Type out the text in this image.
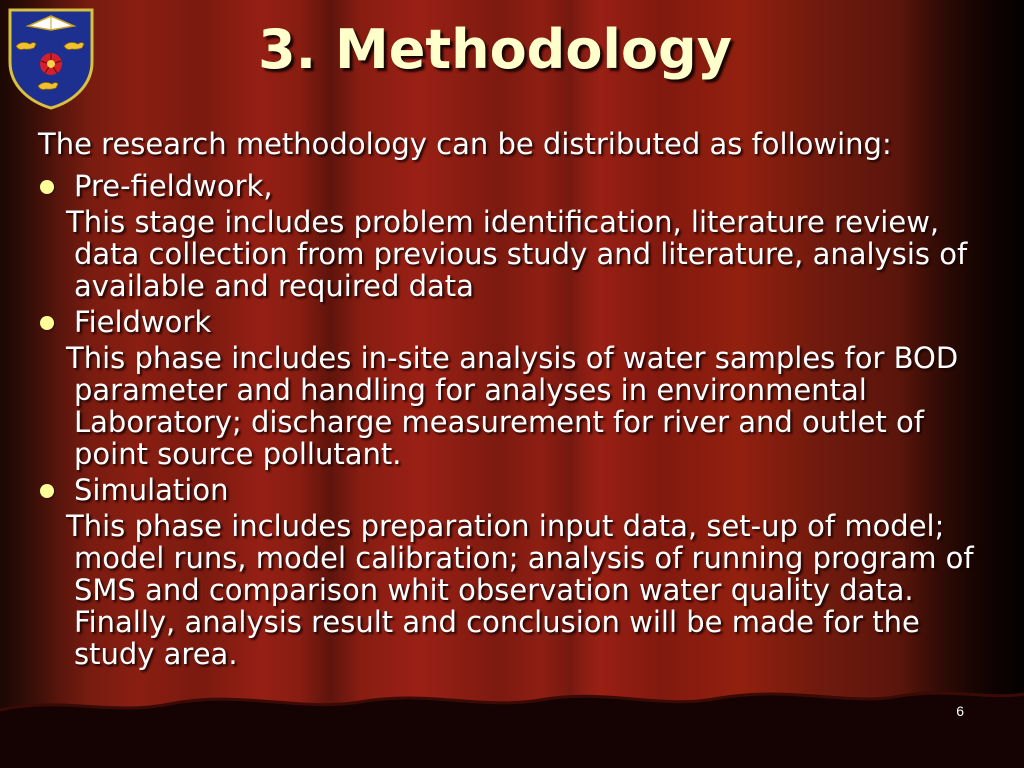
3. Methodology

The research methodology can be distributed as following:

Pre-fieldwork,

This stage includes problem identification, literature review, data collection from previous study and literature, analysis of available and required data

Fieldwork

This phase includes in-site analysis of water samples for BOD parameter and handling for analyses in environmental Laboratory; discharge measurement for river and outlet of point source pollutant.

Simulation

This phase includes preparation input data, set-up of model; model runs, model calibration; analysis of running program of SMS and comparison whit observation water quality data. Finally, analysis result and conclusion will be made for the study area.

6
